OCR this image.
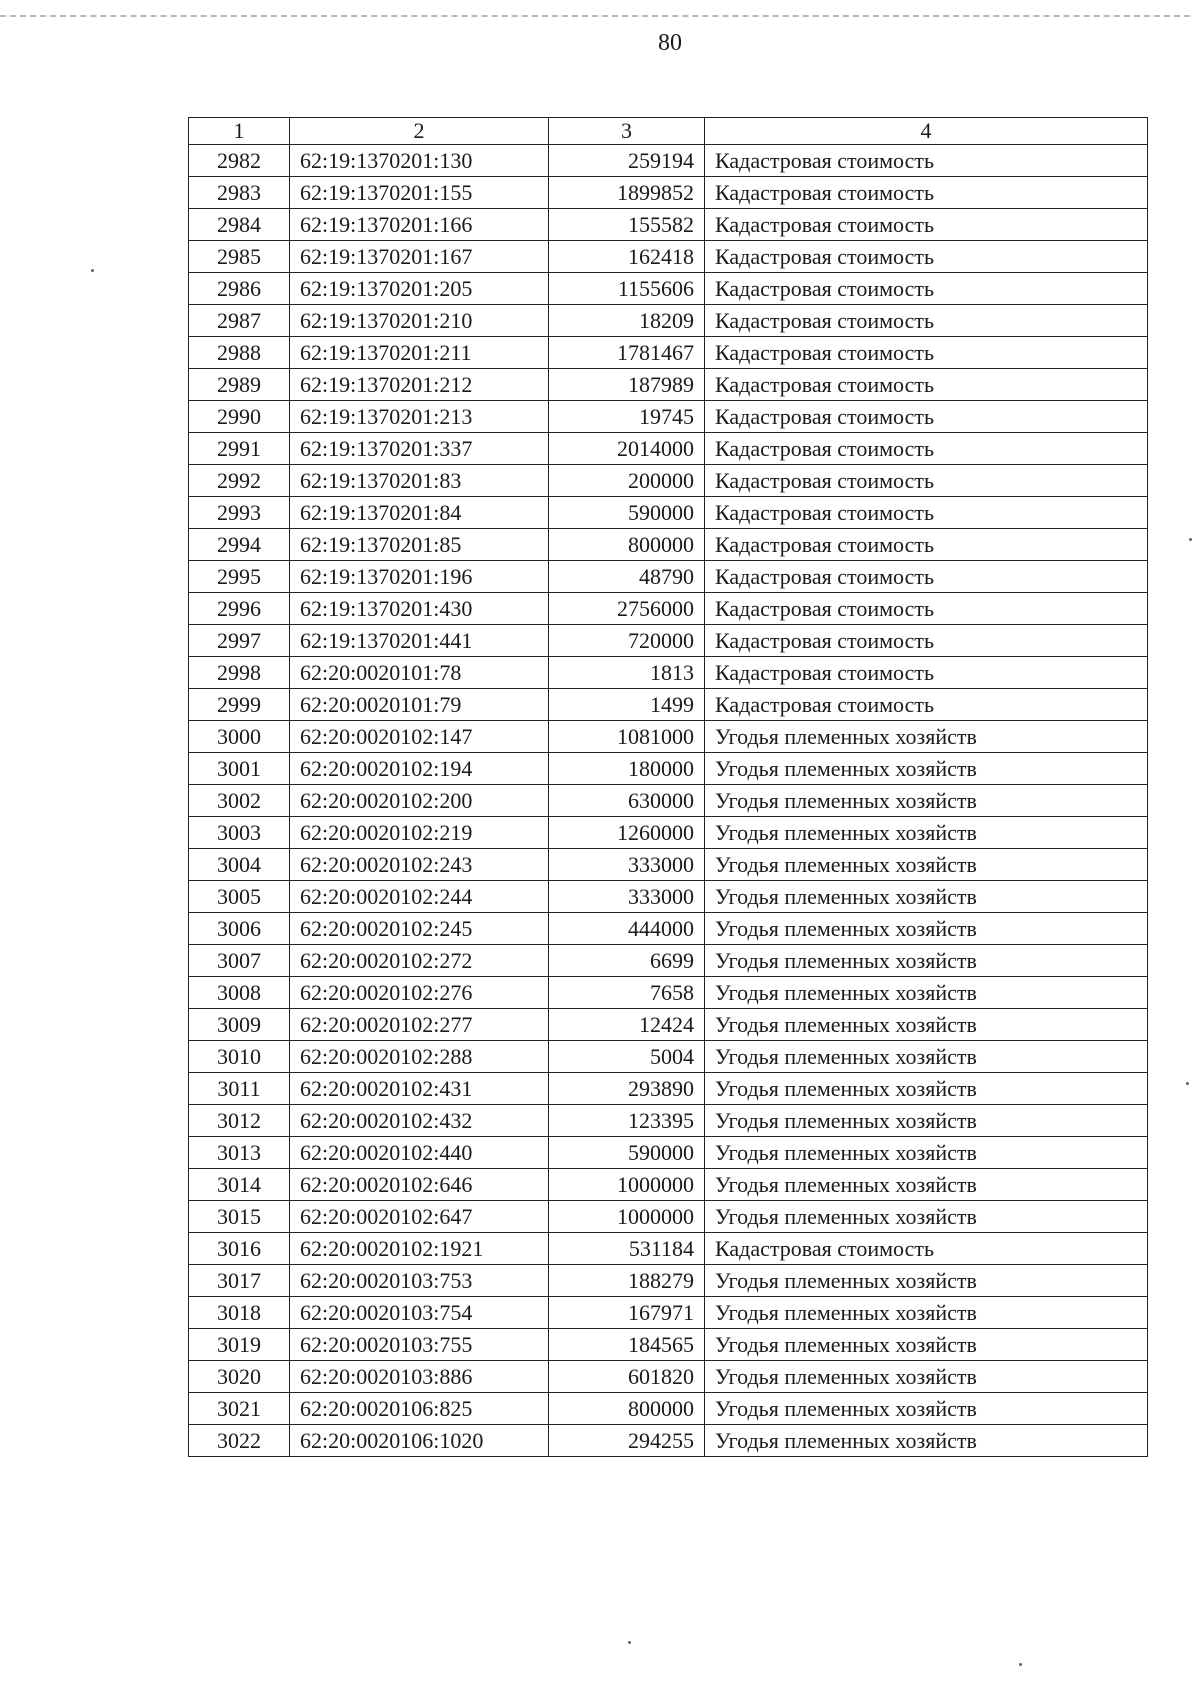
80
1	2	3	4
2982	62:19:1370201:130	259194	Кадастровая стоимость
2983	62:19:1370201:155	1899852	Кадастровая стоимость
2984	62:19:1370201:166	155582	Кадастровая стоимость
2985	62:19:1370201:167	162418	Кадастровая стоимость
2986	62:19:1370201:205	1155606	Кадастровая стоимость
2987	62:19:1370201:210	18209	Кадастровая стоимость
2988	62:19:1370201:211	1781467	Кадастровая стоимость
2989	62:19:1370201:212	187989	Кадастровая стоимость
2990	62:19:1370201:213	19745	Кадастровая стоимость
2991	62:19:1370201:337	2014000	Кадастровая стоимость
2992	62:19:1370201:83	200000	Кадастровая стоимость
2993	62:19:1370201:84	590000	Кадастровая стоимость
2994	62:19:1370201:85	800000	Кадастровая стоимость
2995	62:19:1370201:196	48790	Кадастровая стоимость
2996	62:19:1370201:430	2756000	Кадастровая стоимость
2997	62:19:1370201:441	720000	Кадастровая стоимость
2998	62:20:0020101:78	1813	Кадастровая стоимость
2999	62:20:0020101:79	1499	Кадастровая стоимость
3000	62:20:0020102:147	1081000	Угодья племенных хозяйств
3001	62:20:0020102:194	180000	Угодья племенных хозяйств
3002	62:20:0020102:200	630000	Угодья племенных хозяйств
3003	62:20:0020102:219	1260000	Угодья племенных хозяйств
3004	62:20:0020102:243	333000	Угодья племенных хозяйств
3005	62:20:0020102:244	333000	Угодья племенных хозяйств
3006	62:20:0020102:245	444000	Угодья племенных хозяйств
3007	62:20:0020102:272	6699	Угодья племенных хозяйств
3008	62:20:0020102:276	7658	Угодья племенных хозяйств
3009	62:20:0020102:277	12424	Угодья племенных хозяйств
3010	62:20:0020102:288	5004	Угодья племенных хозяйств
3011	62:20:0020102:431	293890	Угодья племенных хозяйств
3012	62:20:0020102:432	123395	Угодья племенных хозяйств
3013	62:20:0020102:440	590000	Угодья племенных хозяйств
3014	62:20:0020102:646	1000000	Угодья племенных хозяйств
3015	62:20:0020102:647	1000000	Угодья племенных хозяйств
3016	62:20:0020102:1921	531184	Кадастровая стоимость
3017	62:20:0020103:753	188279	Угодья племенных хозяйств
3018	62:20:0020103:754	167971	Угодья племенных хозяйств
3019	62:20:0020103:755	184565	Угодья племенных хозяйств
3020	62:20:0020103:886	601820	Угодья племенных хозяйств
3021	62:20:0020106:825	800000	Угодья племенных хозяйств
3022	62:20:0020106:1020	294255	Угодья племенных хозяйств
